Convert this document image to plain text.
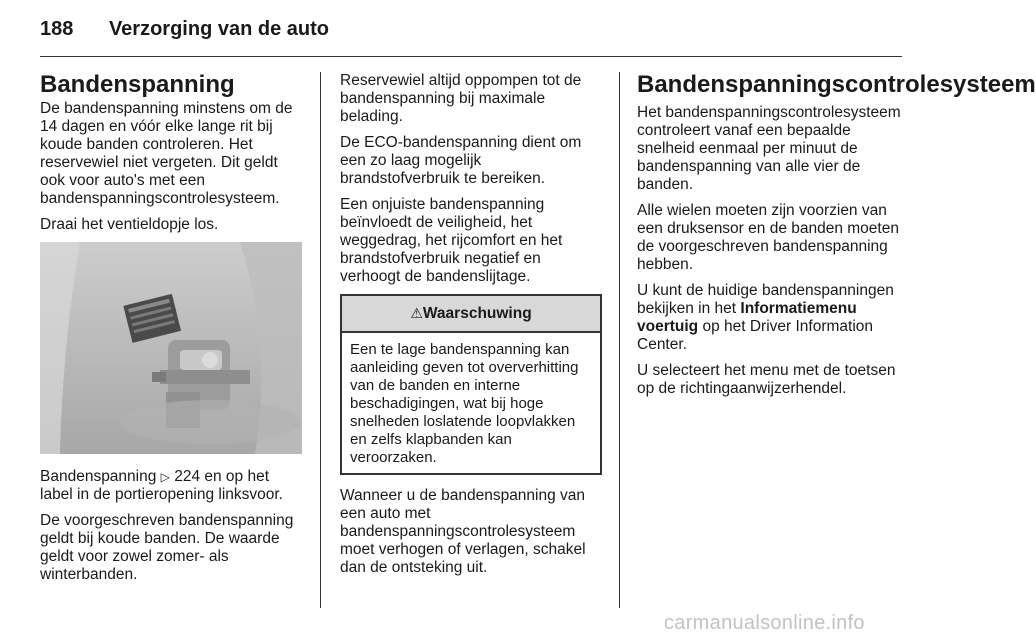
188 Verzorging van de auto
Bandenspanning

De bandenspanning minstens om de 14 dagen en vóór elke lange rit bij koude banden controleren. Het reservewiel niet vergeten. Dit geldt ook voor auto's met een bandenspanningscontrolesysteem.

Draai het ventieldopje los.

Bandenspanning ▷ 224 en op het label in de portieropening linksvoor.

De voorgeschreven bandenspanning geldt bij koude banden. De waarde geldt voor zowel zomer- als winterbanden.

Reservewiel altijd oppompen tot de bandenspanning bij maximale belading.

De ECO-bandenspanning dient om een zo laag mogelijk brandstofverbruik te bereiken.

Een onjuiste bandenspanning beïnvloedt de veiligheid, het weggedrag, het rijcomfort en het brandstofverbruik negatief en verhoogt de bandenslijtage.

⚠Waarschuwing
Een te lage bandenspanning kan aanleiding geven tot oververhitting van de banden en interne beschadigingen, wat bij hoge snelheden loslatende loopvlakken en zelfs klapbanden kan veroorzaken.

Wanneer u de bandenspanning van een auto met bandenspanningscontrolesysteem moet verhogen of verlagen, schakel dan de ontsteking uit.

Bandenspanningscontrolesysteem

Het bandenspanningscontrolesysteem controleert vanaf een bepaalde snelheid eenmaal per minuut de bandenspanning van alle vier de banden.

Alle wielen moeten zijn voorzien van een druksensor en de banden moeten de voorgeschreven bandenspanning hebben.

U kunt de huidige bandenspanningen bekijken in het Informatiemenu voertuig op het Driver Information Center.

U selecteert het menu met de toetsen op de richtingaanwijzerhendel.

carmanualsonline.info
